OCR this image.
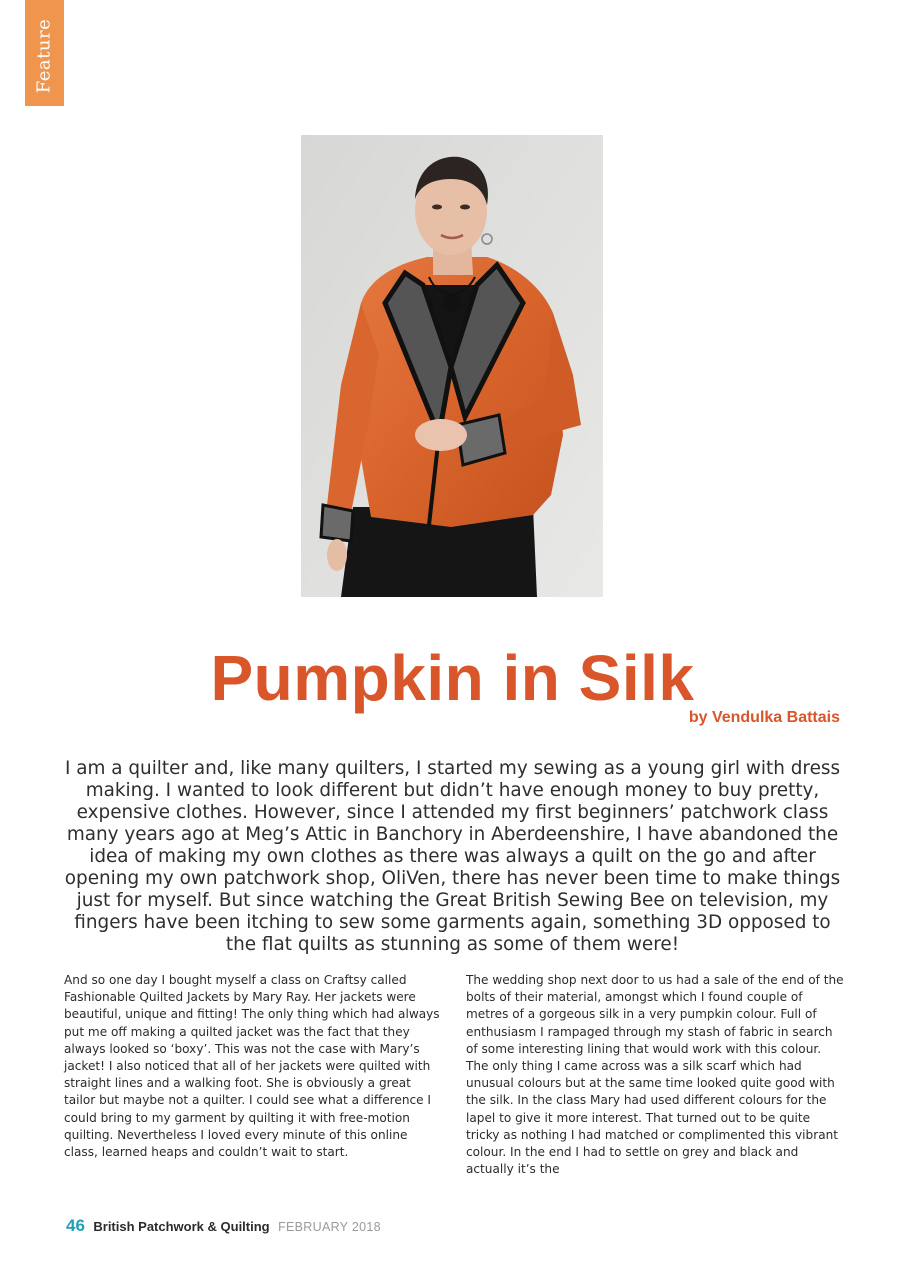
Feature
Pumpkin in Silk
by Vendulka Battais

I am a quilter and, like many quilters, I started my sewing as a young girl with dress making. I wanted to look different but didn’t have enough money to buy pretty, expensive clothes. However, since I attended my first beginners’ patchwork class many years ago at Meg’s Attic in Banchory in Aberdeenshire, I have abandoned the idea of making my own clothes as there was always a quilt on the go and after opening my own patchwork shop, OliVen, there has never been time to make things just for myself. But since watching the Great British Sewing Bee on television, my fingers have been itching to sew some garments again, something 3D opposed to the flat quilts as stunning as some of them were!

And so one day I bought myself a class on Craftsy called Fashionable Quilted Jackets by Mary Ray. Her jackets were beautiful, unique and fitting! The only thing which had always put me off making a quilted jacket was the fact that they always looked so ‘boxy’. This was not the case with Mary’s jacket! I also noticed that all of her jackets were quilted with straight lines and a walking foot. She is obviously a great tailor but maybe not a quilter. I could see what a difference I could bring to my garment by quilting it with free-motion quilting. Nevertheless I loved every minute of this online class, learned heaps and couldn’t wait to start.

The wedding shop next door to us had a sale of the end of the bolts of their material, amongst which I found couple of metres of a gorgeous silk in a very pumpkin colour. Full of enthusiasm I rampaged through my stash of fabric in search of some interesting lining that would work with this colour. The only thing I came across was a silk scarf which had unusual colours but at the same time looked quite good with the silk. In the class Mary had used different colours for the lapel to give it more interest. That turned out to be quite tricky as nothing I had matched or complimented this vibrant colour. In the end I had to settle on grey and black and actually it’s the

46 British Patchwork & Quilting FEBRUARY 2018
